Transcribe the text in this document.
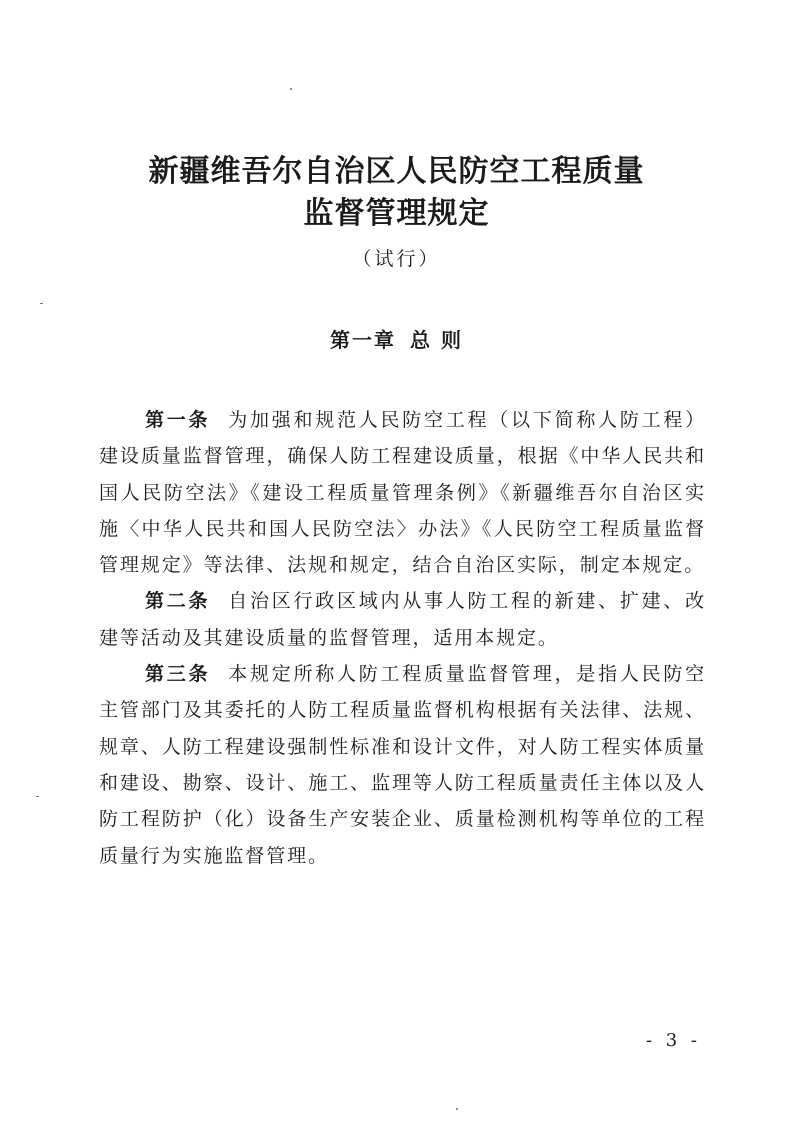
新疆维吾尔自治区人民防空工程质量
监督管理规定
（试行）
第一章 总 则

第一条 为加强和规范人民防空工程（以下简称人防工程）建设质量监督管理，确保人防工程建设质量，根据《中华人民共和国人民防空法》《建设工程质量管理条例》《新疆维吾尔自治区实施〈中华人民共和国人民防空法〉办法》《人民防空工程质量监督管理规定》等法律、法规和规定，结合自治区实际，制定本规定。

第二条 自治区行政区域内从事人防工程的新建、扩建、改建等活动及其建设质量的监督管理，适用本规定。

第三条 本规定所称人防工程质量监督管理，是指人民防空主管部门及其委托的人防工程质量监督机构根据有关法律、法规、规章、人防工程建设强制性标准和设计文件，对人防工程实体质量和建设、勘察、设计、施工、监理等人防工程质量责任主体以及人防工程防护（化）设备生产安装企业、质量检测机构等单位的工程质量行为实施监督管理。

- 3 -
